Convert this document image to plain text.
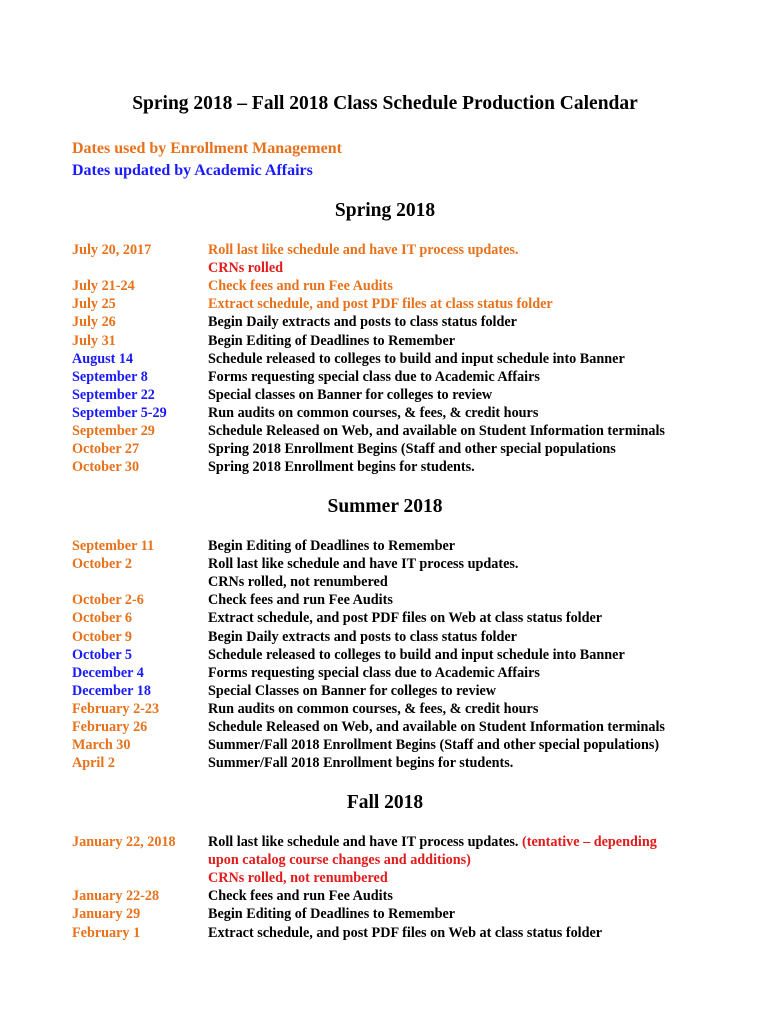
Spring 2018 – Fall 2018 Class Schedule Production Calendar
Dates used by Enrollment Management
Dates updated by Academic Affairs
Spring 2018
July 20, 2017	Roll last like schedule and have IT process updates.
CRNs rolled
July 21-24	Check fees and run Fee Audits
July 25	Extract schedule, and post PDF files at class status folder
July 26	Begin Daily extracts and posts to class status folder
July 31	Begin Editing of Deadlines to Remember
August 14	Schedule released to colleges to build and input schedule into Banner
September 8	Forms requesting special class due to Academic Affairs
September 22	Special classes on Banner for colleges to review
September 5-29	Run audits on common courses, & fees, & credit hours
September 29	Schedule Released on Web, and available on Student Information terminals
October 27	Spring 2018 Enrollment Begins (Staff and other special populations
October 30	Spring 2018 Enrollment begins for students.
Summer 2018
September 11	Begin Editing of Deadlines to Remember
October 2	Roll last like schedule and have IT process updates.
CRNs rolled, not renumbered
October 2-6	Check fees and run Fee Audits
October 6	Extract schedule, and post PDF files on Web at class status folder
October 9	Begin Daily extracts and posts to class status folder
October 5	Schedule released to colleges to build and input schedule into Banner
December 4	Forms requesting special class due to Academic Affairs
December 18	Special Classes on Banner for colleges to review
February 2-23	Run audits on common courses, & fees, & credit hours
February 26	Schedule Released on Web, and available on Student Information terminals
March 30	Summer/Fall 2018 Enrollment Begins (Staff and other special populations)
April 2	Summer/Fall 2018 Enrollment begins for students.
Fall 2018
January 22, 2018 Roll last like schedule and have IT process updates. (tentative – depending
upon catalog course changes and additions)
CRNs rolled, not renumbered
January 22-28	Check fees and run Fee Audits
January 29	Begin Editing of Deadlines to Remember
February 1	Extract schedule, and post PDF files on Web at class status folder
